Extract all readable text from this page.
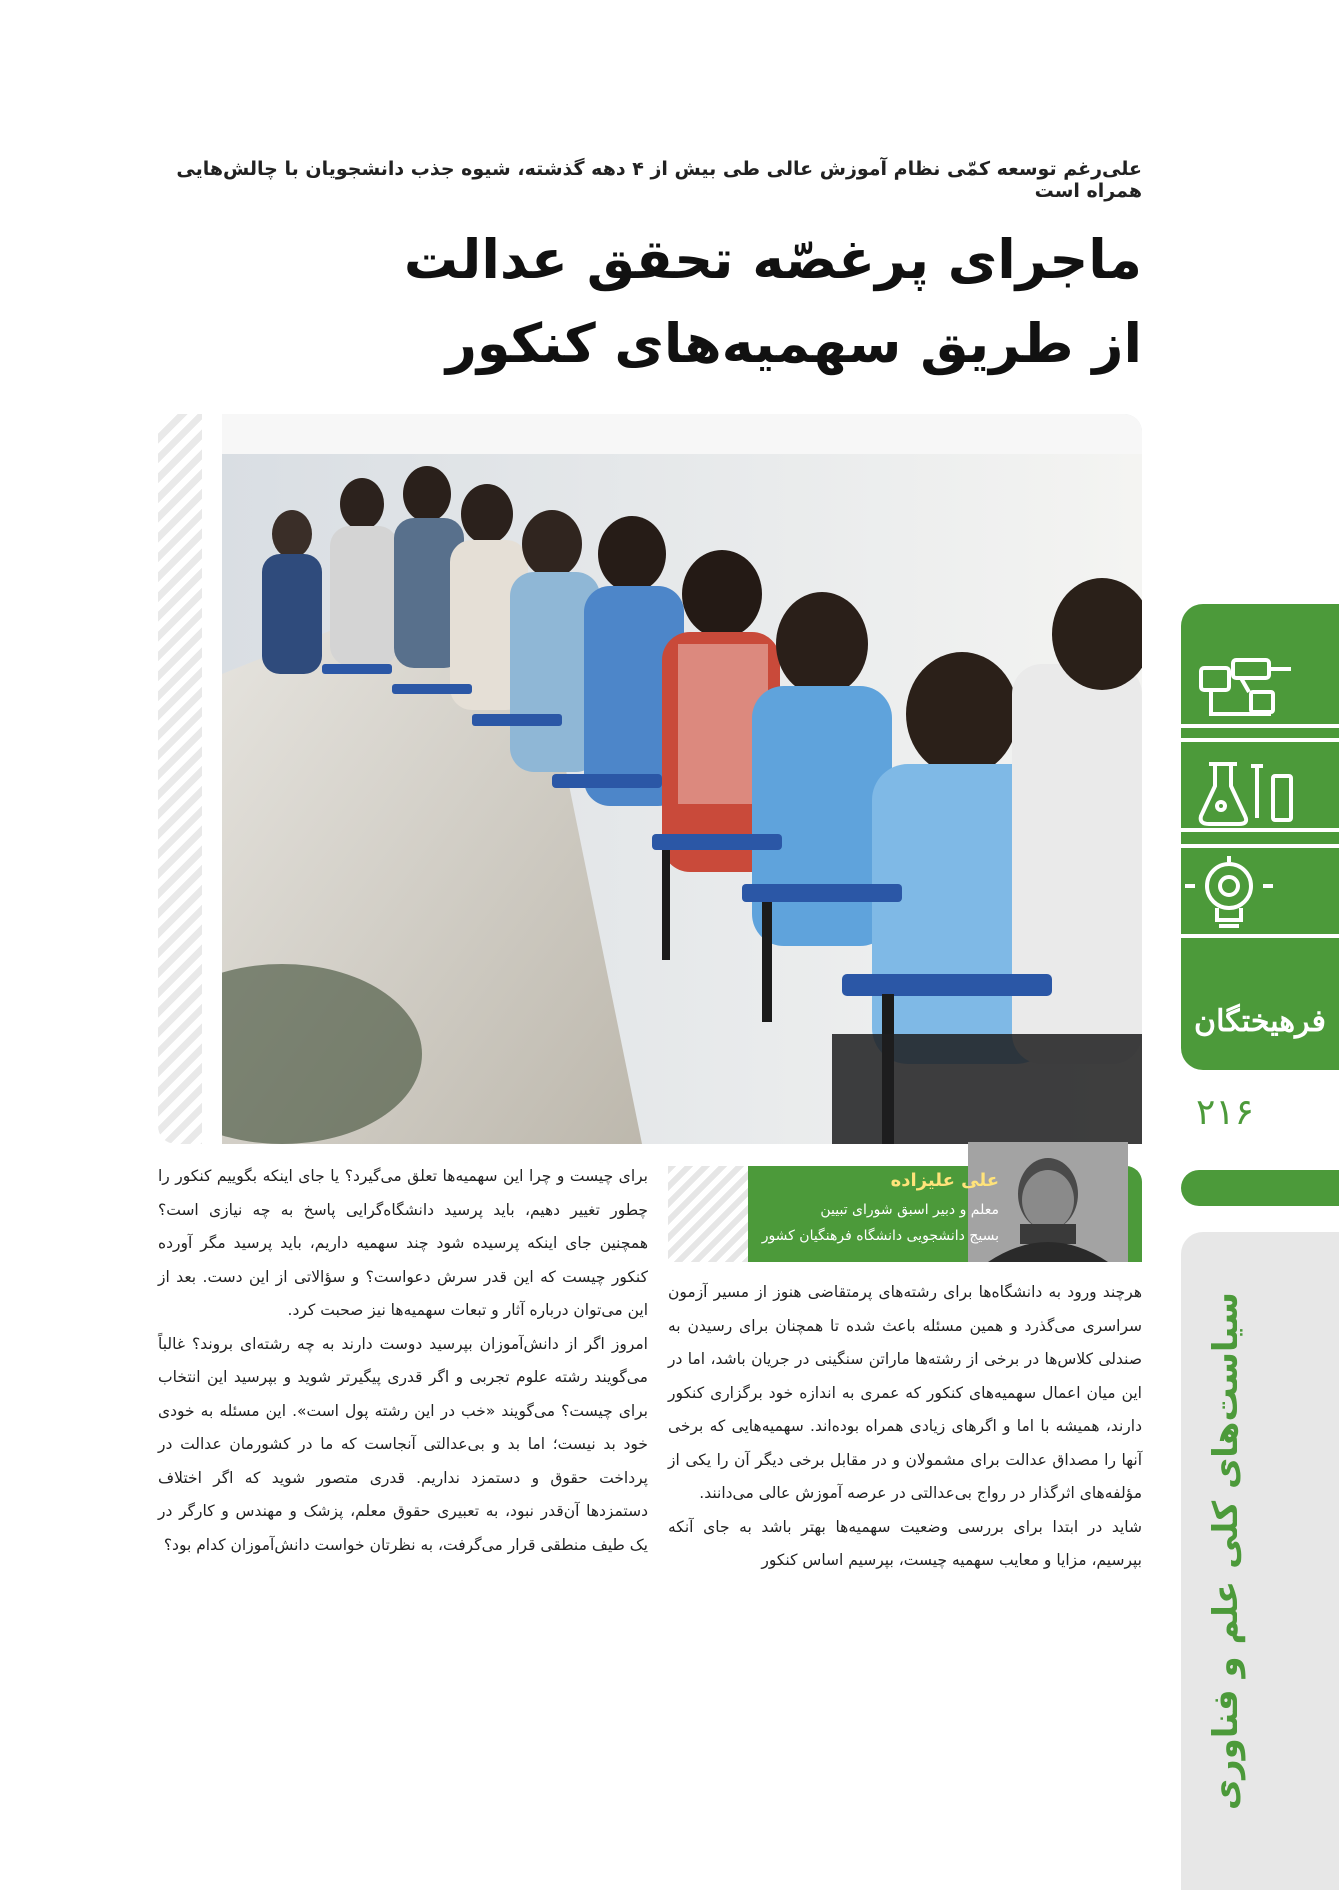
علی‌رغم توسعه کمّی نظام آموزش عالی طی بیش از ۴ دهه گذشته، شیوه جذب دانشجویان با چالش‌هایی همراه است
ماجرای پرغصّه تحقق عدالت
از طریق سهمیه‌های کنکور
علی علیزاده
معلم و دبیر اسبق شورای تبیین
بسیج دانشجویی دانشگاه فرهنگیان کشور

هرچند ورود به دانشگاه‌ها برای رشته‌های پرمتقاضی هنوز از مسیر آزمون سراسری می‌گذرد و همین مسئله باعث شده تا همچنان برای رسیدن به صندلی کلاس‌ها در برخی از رشته‌ها ماراتن سنگینی در جریان باشد، اما در این میان اعمال سهمیه‌های کنکور که عمری به اندازه خود برگزاری کنکور دارند، همیشه با اما و اگرهای زیادی همراه بوده‌اند. سهمیه‌هایی که برخی آنها را مصداق عدالت برای مشمولان و در مقابل برخی دیگر آن را یکی از مؤلفه‌های اثرگذار در رواج بی‌عدالتی در عرصه آموزش عالی می‌دانند.

شاید در ابتدا برای بررسی وضعیت سهمیه‌ها بهتر باشد به جای آنکه بپرسیم، مزایا و معایب سهمیه چیست، بپرسیم اساس کنکور

برای چیست و چرا این سهمیه‌ها تعلق می‌گیرد؟ یا جای اینکه بگوییم کنکور را چطور تغییر دهیم، باید پرسید دانشگاه‌گرایی پاسخ به چه نیازی است؟ همچنین جای اینکه پرسیده شود چند سهمیه داریم، باید پرسید مگر آورده کنکور چیست که این قدر سرش دعواست؟ و سؤالاتی از این دست. بعد از این می‌توان درباره آثار و تبعات سهمیه‌ها نیز صحبت کرد.

امروز اگر از دانش‌آموزان بپرسید دوست دارند به چه رشته‌ای بروند؟ غالباً می‌گویند رشته علوم تجربی و اگر قدری پیگیرتر شوید و بپرسید این انتخاب برای چیست؟ می‌گویند «خب در این رشته پول است». این مسئله به خودی خود بد نیست؛ اما بد و بی‌عدالتی آنجاست که ما در کشورمان عدالت در پرداخت حقوق و دستمزد نداریم. قدری متصور شوید که اگر اختلاف دستمزدها آن‌قدر نبود، به تعبیری حقوق معلم، پزشک و مهندس و کارگر در یک طیف منطقی قرار می‌گرفت، به نظرتان خواست دانش‌آموزان کدام بود؟

فرهیختگان
۲۱۶
سیاست‌های کلی علم و فناوری
